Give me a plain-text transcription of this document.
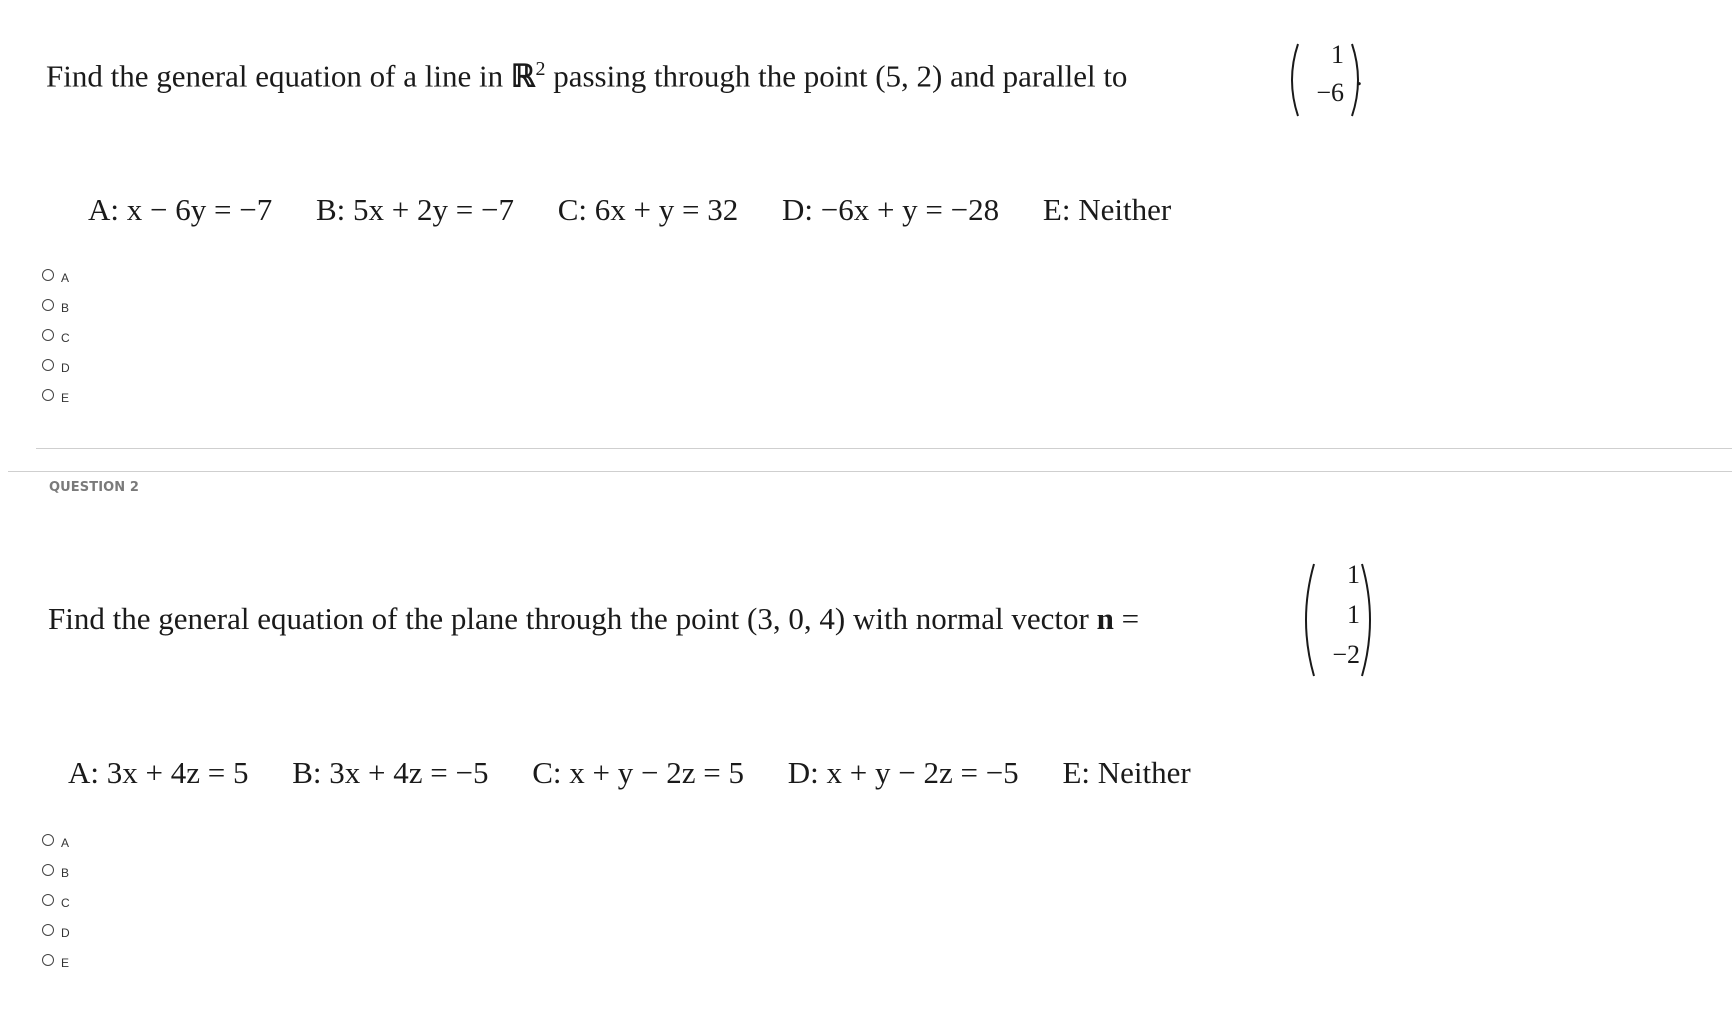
Find the general equation of a line in ℝ$^2$ passing through the point (5, 2) and parallel to
1
−6
.
A: x − 6y = −7 B: 5x + 2y = −7 C: 6x + y = 32 D: −6x + y = −28 E: Neither
A
B
C
D
E
QUESTION 2
Find the general equation of the plane through the point (3, 0, 4) with normal vector n =
1
1
−2
A: 3x + 4z = 5 B: 3x + 4z = −5 C: x + y − 2z = 5 D: x + y − 2z = −5 E: Neither
A
B
C
D
E
